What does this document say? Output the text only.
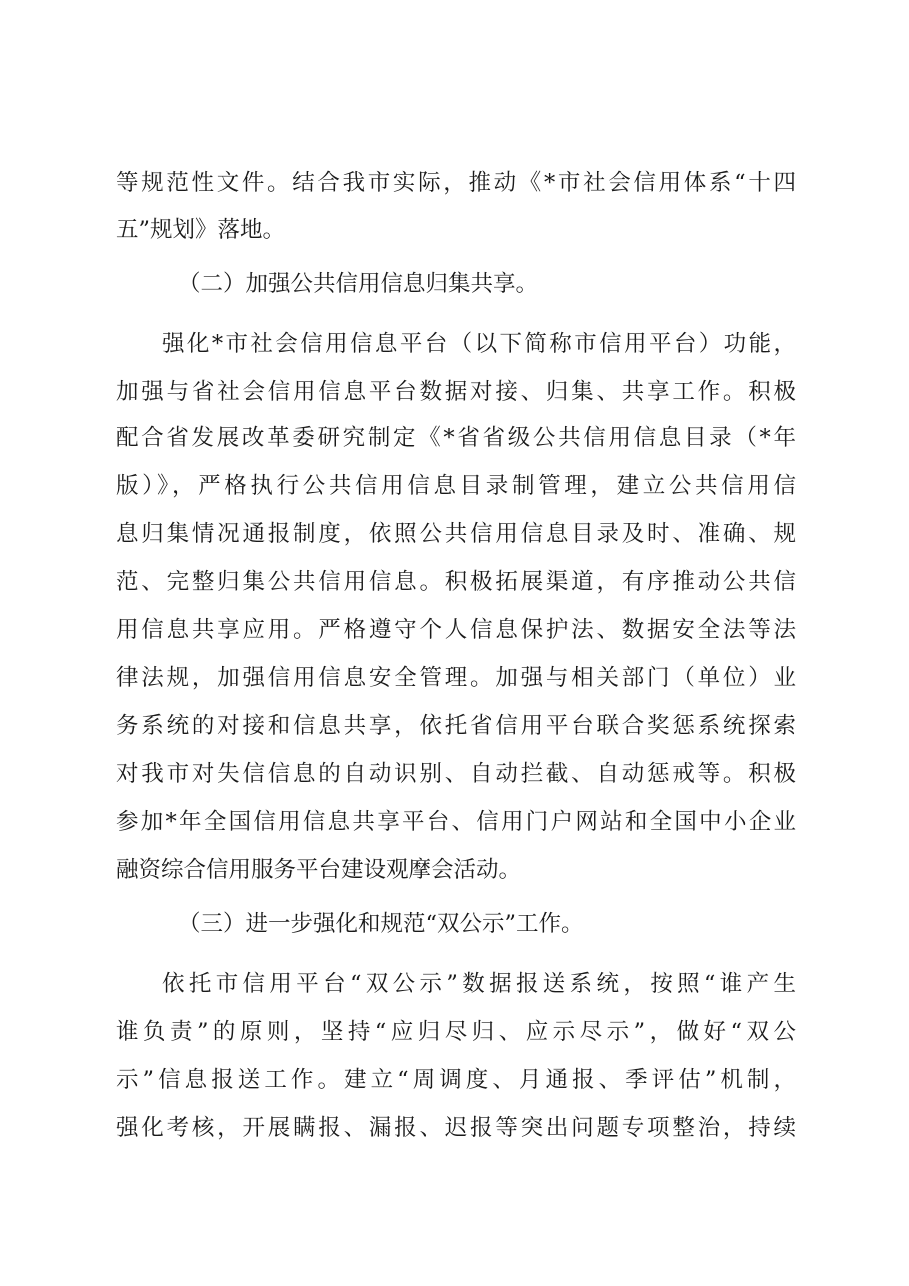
等规范性文件。结合我市实际，推动《*市社会信用体系“十四
五”规划》落地。
（二）加强公共信用信息归集共享。
强化*市社会信用信息平台（以下简称市信用平台）功能，
加强与省社会信用信息平台数据对接、归集、共享工作。积极
配合省发展改革委研究制定《*省省级公共信用信息目录（*年
版）》，严格执行公共信用信息目录制管理，建立公共信用信
息归集情况通报制度，依照公共信用信息目录及时、准确、规
范、完整归集公共信用信息。积极拓展渠道，有序推动公共信
用信息共享应用。严格遵守个人信息保护法、数据安全法等法
律法规，加强信用信息安全管理。加强与相关部门（单位）业
务系统的对接和信息共享，依托省信用平台联合奖惩系统探索
对我市对失信信息的自动识别、自动拦截、自动惩戒等。积极
参加*年全国信用信息共享平台、信用门户网站和全国中小企业
融资综合信用服务平台建设观摩会活动。
（三）进一步强化和规范“双公示”工作。
依托市信用平台“双公示”数据报送系统，按照“谁产生
谁负责”的原则，坚持“应归尽归、应示尽示”，做好“双公
示”信息报送工作。建立“周调度、月通报、季评估”机制，
强化考核，开展瞒报、漏报、迟报等突出问题专项整治，持续
